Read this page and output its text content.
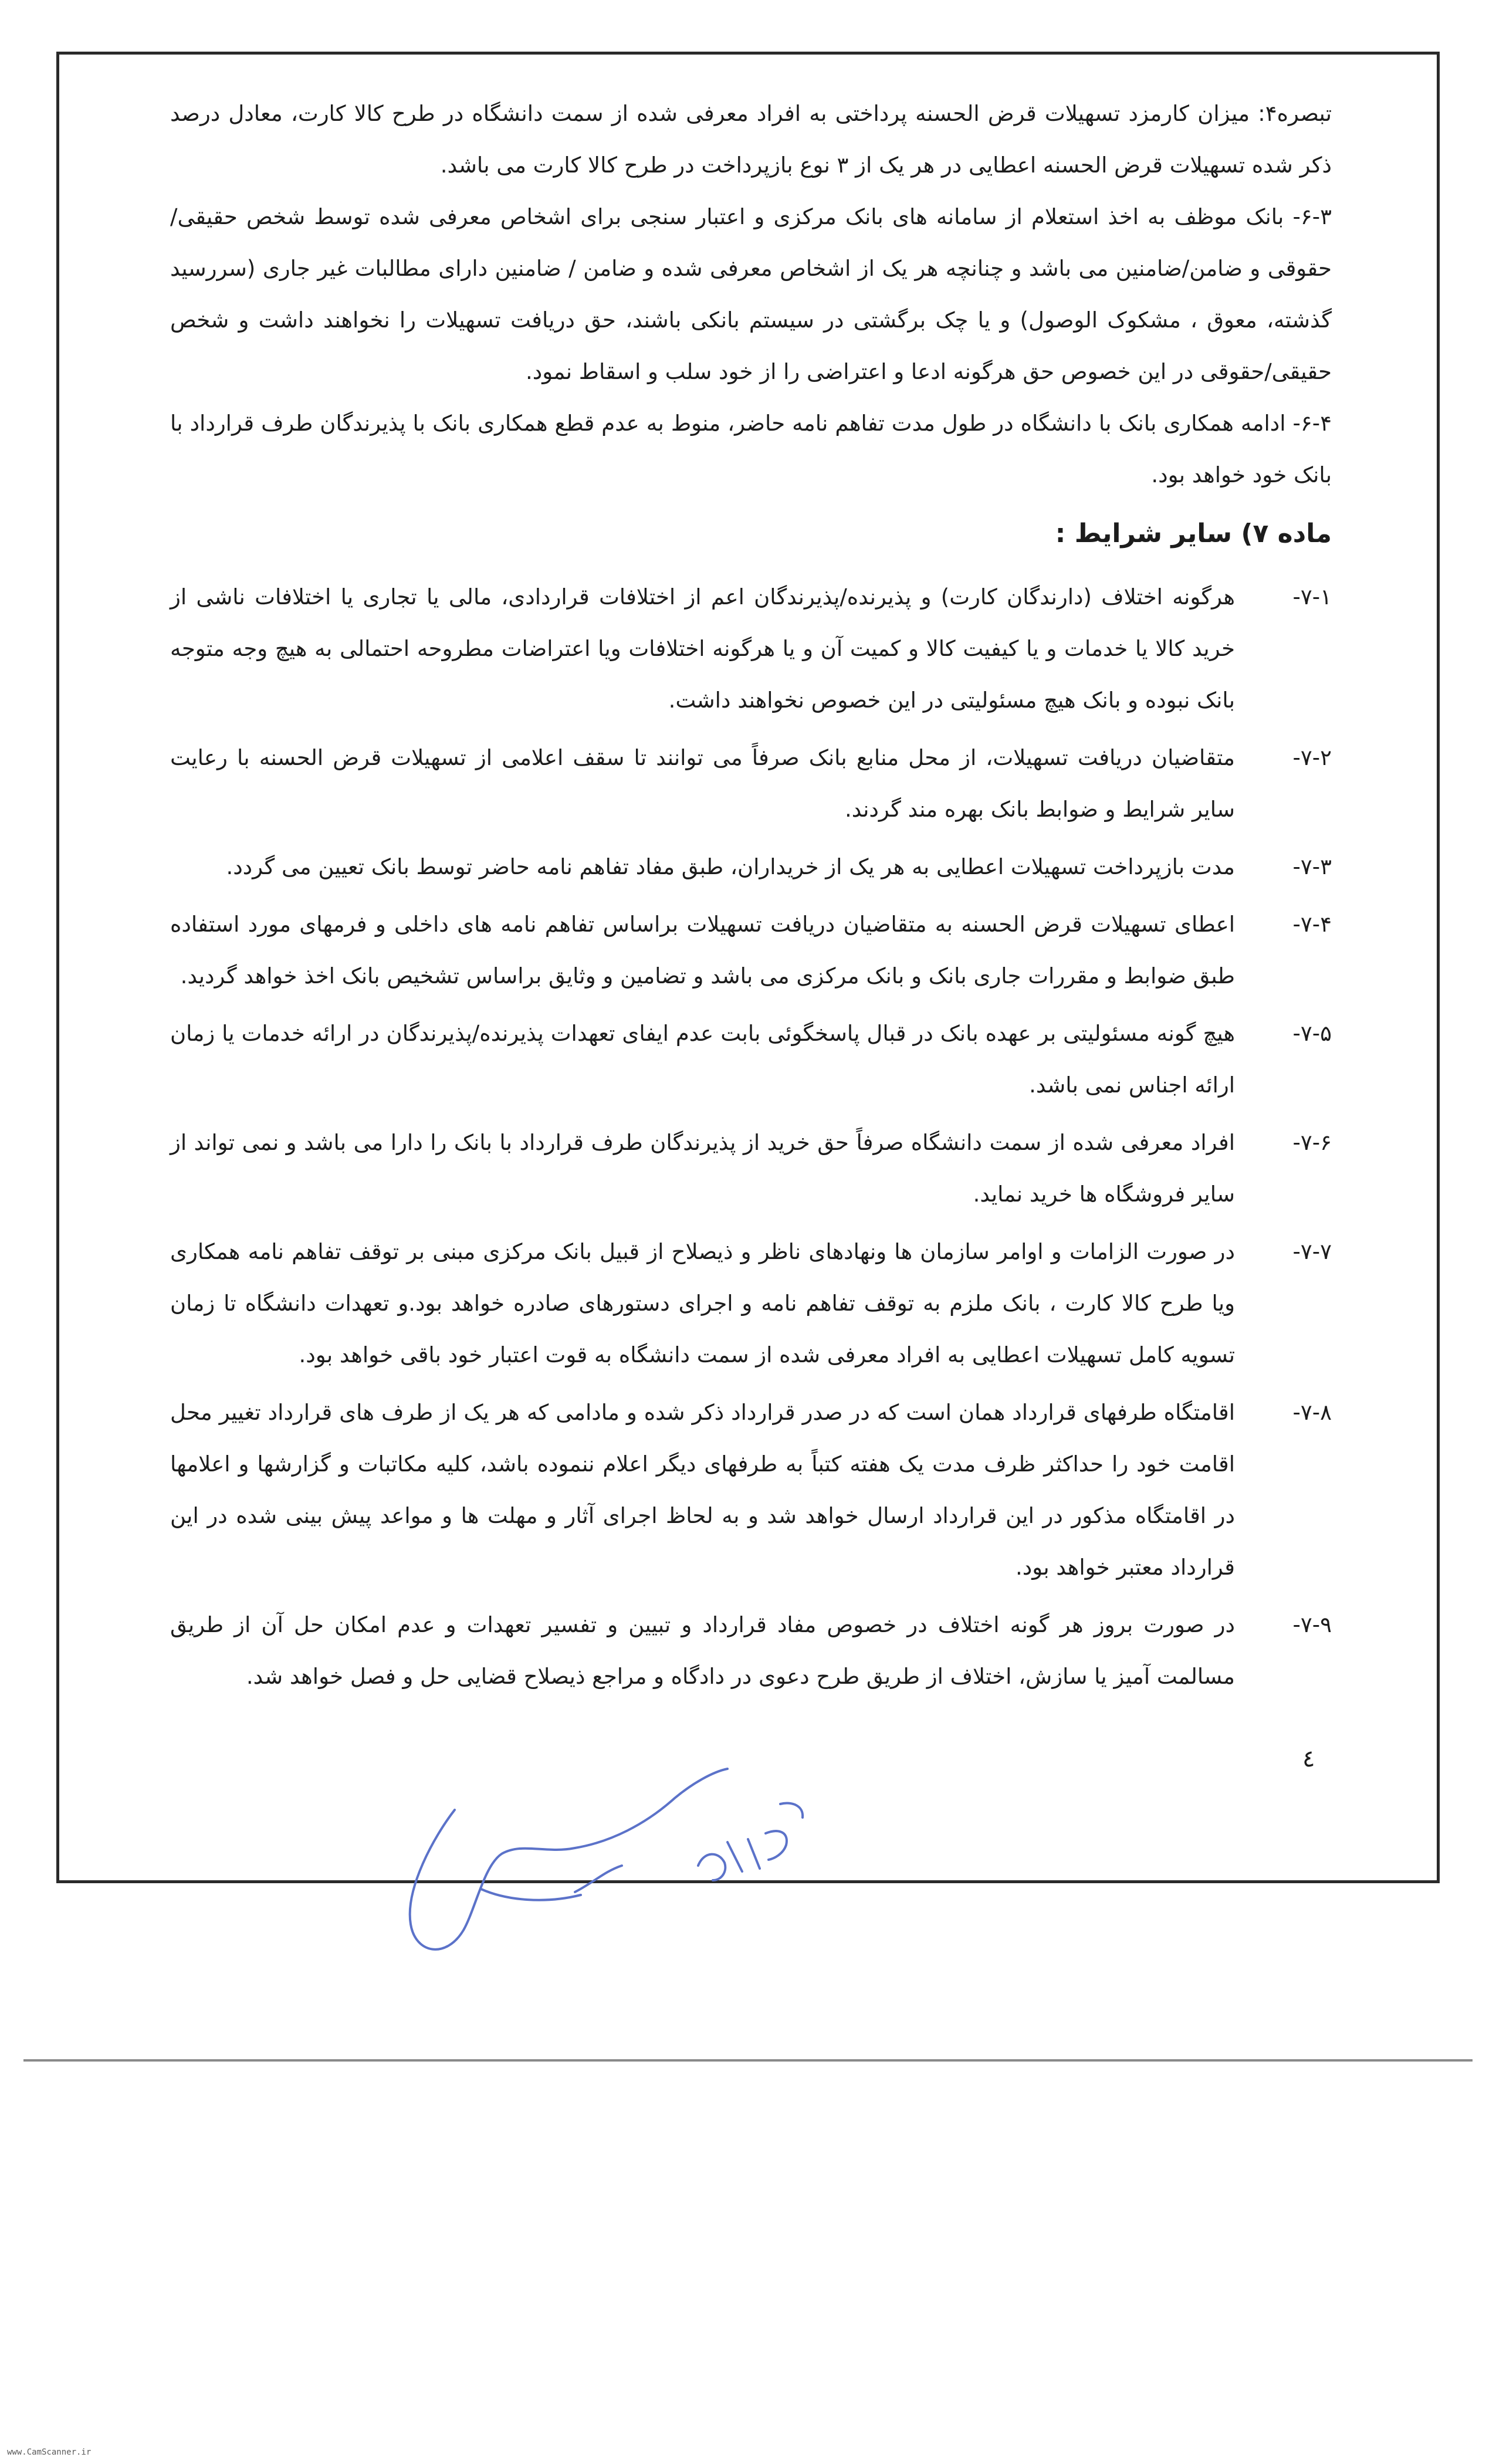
تبصره۴: میزان کارمزد تسهیلات قرض الحسنه پرداختی به افراد معرفی شده از سمت دانشگاه در طرح کالا کارت، معادل درصد ذکر شده تسهیلات قرض الحسنه اعطایی در هر یک از ۳ نوع بازپرداخت در طرح کالا کارت می باشد.

۶-۳- بانک موظف به اخذ استعلام از سامانه های بانک مرکزی و اعتبار سنجی برای اشخاص معرفی شده توسط شخص حقیقی/حقوقی و ضامن/ضامنین می باشد و چنانچه هر یک از اشخاص معرفی شده و ضامن / ضامنین دارای مطالبات غیر جاری (سررسید گذشته، معوق ، مشکوک الوصول) و یا چک برگشتی در سیستم بانکی باشند، حق دریافت تسهیلات را نخواهند داشت و شخص حقیقی/حقوقی در این خصوص حق هرگونه ادعا و اعتراضی را از خود سلب و اسقاط نمود.

۶-۴- ادامه همکاری بانک با دانشگاه در طول مدت تفاهم نامه حاضر، منوط به عدم قطع همکاری بانک با پذیرندگان طرف قرارداد با بانک خود خواهد بود.

ماده ۷) سایر شرایط :
۷-۱-
هرگونه اختلاف (دارندگان کارت) و پذیرنده/پذیرندگان اعم از اختلافات قراردادی، مالی یا تجاری یا اختلافات ناشی از خرید کالا یا خدمات و یا کیفیت کالا و کمیت آن و یا هرگونه اختلافات ویا اعتراضات مطروحه احتمالی به هیچ وجه متوجه بانک نبوده و بانک هیچ مسئولیتی در این خصوص نخواهند داشت.
۷-۲-
متقاضیان دریافت تسهیلات، از محل منابع بانک صرفاً می توانند تا سقف اعلامی از تسهیلات قرض الحسنه با رعایت سایر شرایط و ضوابط بانک بهره مند گردند.
۷-۳-
مدت بازپرداخت تسهیلات اعطایی به هر یک از خریداران، طبق مفاد تفاهم نامه حاضر توسط بانک تعیین می گردد.
۷-۴-
اعطای تسهیلات قرض الحسنه به متقاضیان دریافت تسهیلات براساس تفاهم نامه های داخلی و فرمهای مورد استفاده طبق ضوابط و مقررات جاری بانک و بانک مرکزی می باشد و تضامین و وثایق براساس تشخیص بانک اخذ خواهد گردید.
۷-۵-
هیچ گونه مسئولیتی بر عهده بانک در قبال پاسخگوئی بابت عدم ایفای تعهدات پذیرنده/پذیرندگان در ارائه خدمات یا زمان ارائه اجناس نمی باشد.
۷-۶-
افراد معرفی شده از سمت دانشگاه صرفاً حق خرید از پذیرندگان طرف قرارداد با بانک را دارا می باشد و نمی تواند از سایر فروشگاه ها خرید نماید.
۷-۷-
در صورت الزامات و اوامر سازمان ها ونهادهای ناظر و ذیصلاح از قبیل بانک مرکزی مبنی بر توقف تفاهم نامه همکاری ویا طرح کالا کارت ، بانک ملزم به توقف تفاهم نامه و اجرای دستورهای صادره خواهد بود.و تعهدات دانشگاه تا زمان تسویه کامل تسهیلات اعطایی به افراد معرفی شده از سمت دانشگاه به قوت اعتبار خود باقی خواهد بود.
۷-۸-
اقامتگاه طرفهای قرارداد همان است که در صدر قرارداد ذکر شده و مادامی که هر یک از طرف های قرارداد تغییر محل اقامت خود را حداکثر ظرف مدت یک هفته کتباً به طرفهای دیگر اعلام ننموده باشد، کلیه مکاتبات و گزارشها و اعلامها در اقامتگاه مذکور در این قرارداد ارسال خواهد شد و به لحاظ اجرای آثار و مهلت ها و مواعد پیش بینی شده در این قرارداد معتبر خواهد بود.
۷-۹-
در صورت بروز هر گونه اختلاف در خصوص مفاد قرارداد و تبیین و تفسیر تعهدات و عدم امکان حل آن از طریق مسالمت آمیز یا سازش، اختلاف از طریق طرح دعوی در دادگاه و مراجع ذیصلاح قضایی حل و فصل خواهد شد.
٤
www.CamScanner.ir
